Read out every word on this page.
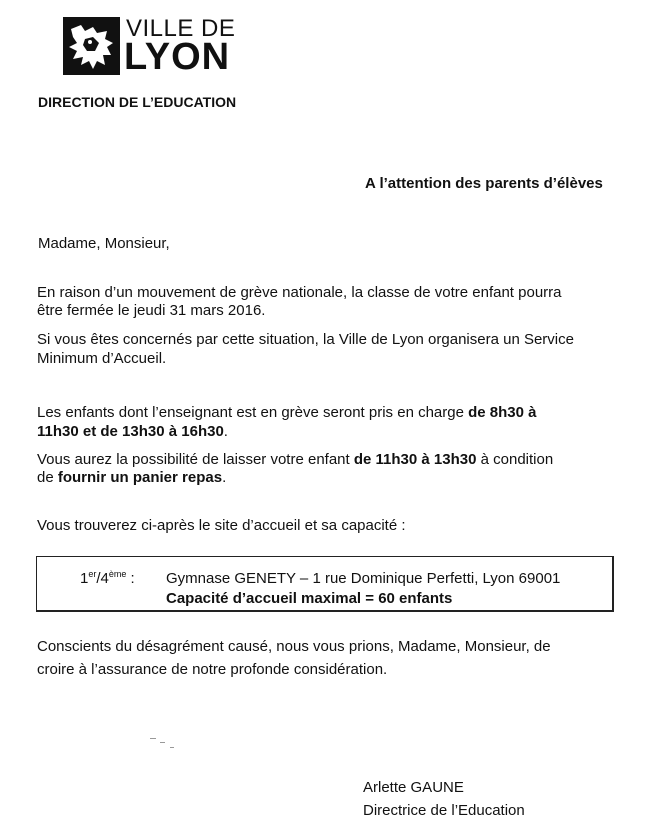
VILLE DE
LYON
DIRECTION DE L’EDUCATION
A l’attention des parents d’élèves
Madame, Monsieur,
En raison d’un mouvement de grève nationale, la classe de votre enfant pourra
être fermée le jeudi 31 mars 2016.
Si vous êtes concernés par cette situation, la Ville de Lyon organisera un Service
Minimum d’Accueil.
Les enfants dont l’enseignant est en grève seront pris en charge de 8h30 à
11h30 et de 13h30 à 16h30.
Vous aurez la possibilité de laisser votre enfant de 11h30 à 13h30 à condition
de fournir un panier repas.
Vous trouverez ci-après le site d’accueil et sa capacité :
1er/4ème : Gymnase GENETY – 1 rue Dominique Perfetti, Lyon 69001
Capacité d’accueil maximal = 60 enfants
Conscients du désagrément causé, nous vous prions, Madame, Monsieur, de
croire à l’assurance de notre profonde considération.
Arlette GAUNE
Directrice de l’Education
